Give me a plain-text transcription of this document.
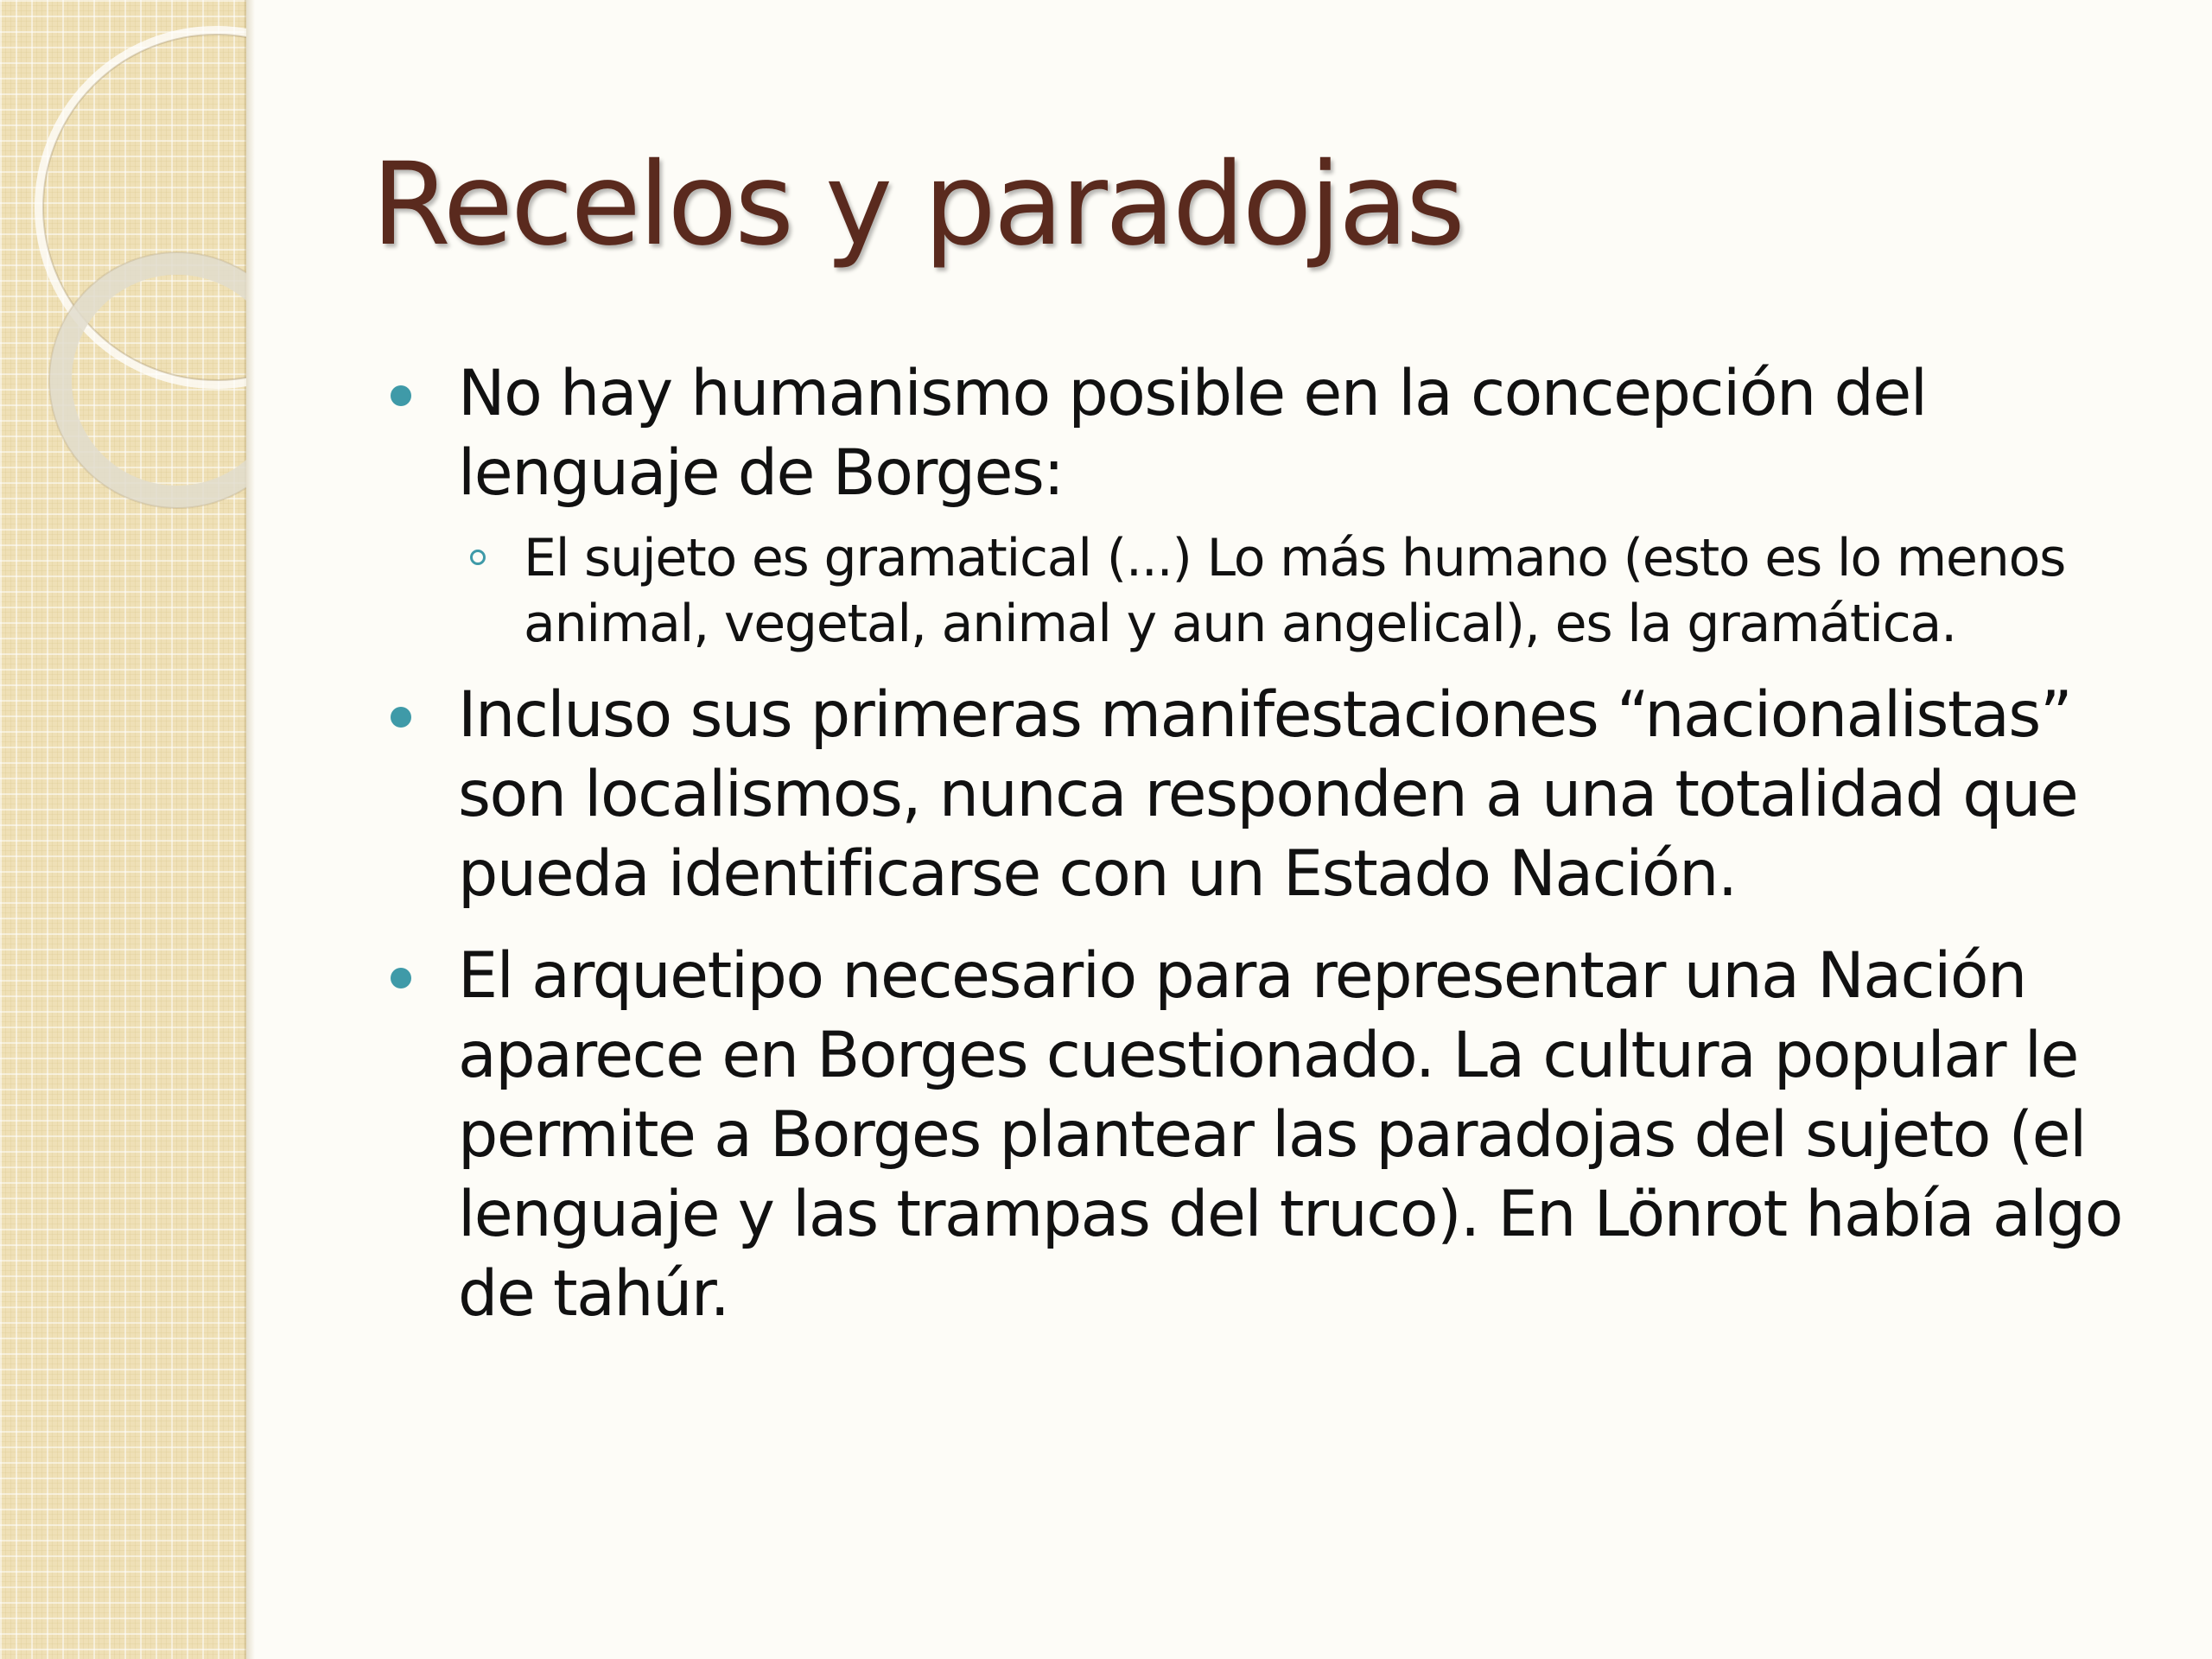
Recelos y paradojas
No hay humanismo posible en la concepción del lenguaje de Borges:
El sujeto es gramatical (...) Lo más humano (esto es lo menos animal, vegetal, animal y aun angelical), es la gramática.
Incluso sus primeras manifestaciones “nacionalistas” son localismos, nunca responden a una totalidad que pueda identificarse con un Estado Nación.
El arquetipo necesario para representar una Nación aparece en Borges cuestionado. La cultura popular le permite a Borges plantear las paradojas del sujeto (el lenguaje y las trampas del truco). En Lönrot había algo de tahúr.
